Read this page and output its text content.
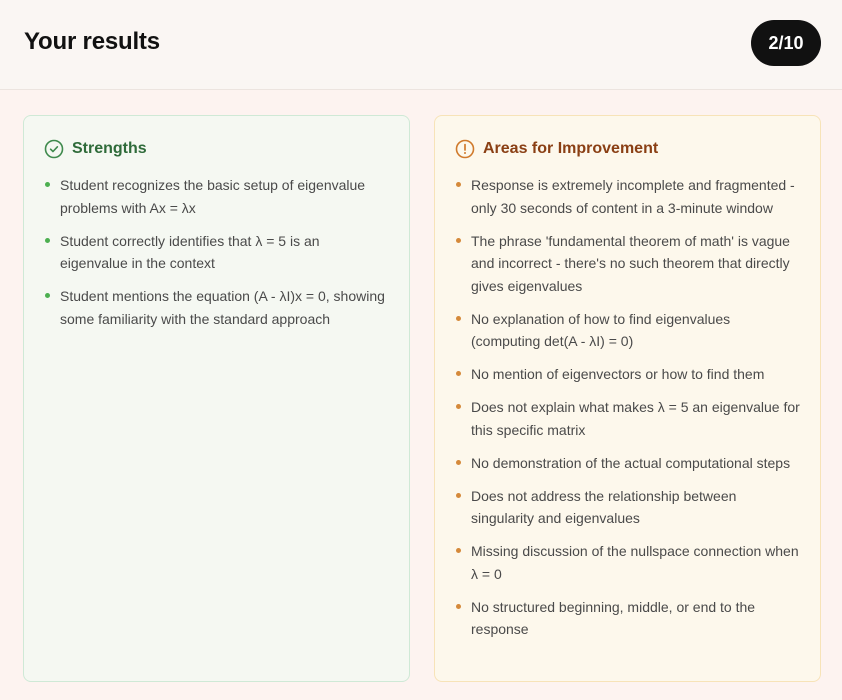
Your results	2/10
Strengths
Student recognizes the basic setup of eigenvalue problems with Ax = λx
Student correctly identifies that λ = 5 is an eigenvalue in the context
Student mentions the equation (A - λI)x = 0, showing some familiarity with the standard approach
Areas for Improvement
Response is extremely incomplete and fragmented - only 30 seconds of content in a 3-minute window
The phrase 'fundamental theorem of math' is vague and incorrect - there's no such theorem that directly gives eigenvalues
No explanation of how to find eigenvalues (computing det(A - λI) = 0)
No mention of eigenvectors or how to find them
Does not explain what makes λ = 5 an eigenvalue for this specific matrix
No demonstration of the actual computational steps
Does not address the relationship between singularity and eigenvalues
Missing discussion of the nullspace connection when λ = 0
No structured beginning, middle, or end to the response
